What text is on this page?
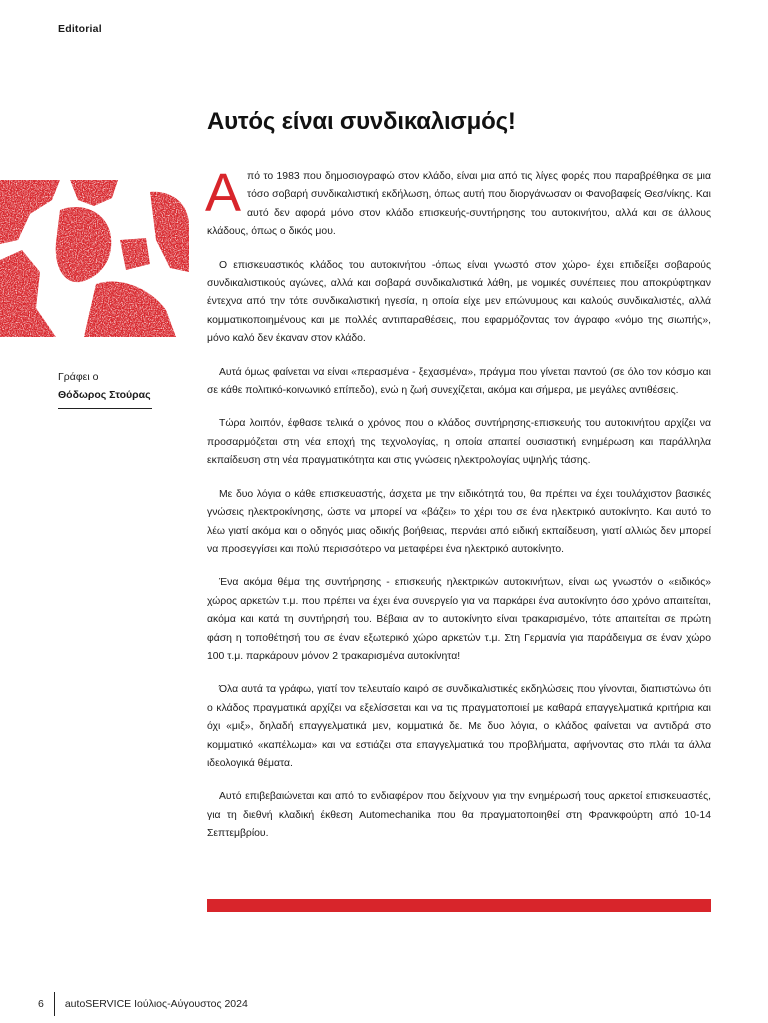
Editorial
Αυτός είναι συνδικαλισμός!
Γράφει ο
Θόδωρος Στούρας

Από το 1983 που δημοσιογραφώ στον κλάδο, είναι μια από τις λίγες φορές που παραβρέθηκα σε μια τόσο σοβαρή συνδικαλιστική εκδήλωση, όπως αυτή που διοργάνωσαν οι Φανοβαφείς Θεσ/νίκης. Και αυτό δεν αφορά μόνο στον κλάδο επισκευής-συντήρησης του αυτοκινήτου, αλλά και σε άλλους κλάδους, όπως ο δικός μου.

Ο επισκευαστικός κλάδος του αυτοκινήτου -όπως είναι γνωστό στον χώρο- έχει επιδείξει σοβαρούς συνδικαλιστικούς αγώνες, αλλά και σοβαρά συνδικαλιστικά λάθη, με νομικές συνέπειες που αποκρύφτηκαν έντεχνα από την τότε συνδικαλιστική ηγεσία, η οποία είχε μεν επώνυμους και καλούς συνδικαλιστές, αλλά κομματικοποιημένους και με πολλές αντιπαραθέσεις, που εφαρμόζοντας τον άγραφο «νόμο της σιωπής», μόνο καλό δεν έκαναν στον κλάδο.

Αυτά όμως φαίνεται να είναι «περασμένα - ξεχασμένα», πράγμα που γίνεται παντού (σε όλο τον κόσμο και σε κάθε πολιτικό-κοινωνικό επίπεδο), ενώ η ζωή συνεχίζεται, ακόμα και σήμερα, με μεγάλες αντιθέσεις.

Τώρα λοιπόν, έφθασε τελικά ο χρόνος που ο κλάδος συντήρησης-επισκευής του αυτοκινήτου αρχίζει να προσαρμόζεται στη νέα εποχή της τεχνολογίας, η οποία απαιτεί ουσιαστική ενημέρωση και παράλληλα εκπαίδευση στη νέα πραγματικότητα και στις γνώσεις ηλεκτρολογίας υψηλής τάσης.

Με δυο λόγια ο κάθε επισκευαστής, άσχετα με την ειδικότητά του, θα πρέπει να έχει τουλάχιστον βασικές γνώσεις ηλεκτροκίνησης, ώστε να μπορεί να «βάζει» το χέρι του σε ένα ηλεκτρικό αυτοκίνητο. Και αυτό το λέω γιατί ακόμα και ο οδηγός μιας οδικής βοήθειας, περνάει από ειδική εκπαίδευση, γιατί αλλιώς δεν μπορεί να προσεγγίσει και πολύ περισσότερο να μεταφέρει ένα ηλεκτρικό αυτοκίνητο.

Ένα ακόμα θέμα της συντήρησης - επισκευής ηλεκτρικών αυτοκινήτων, είναι ως γνωστόν ο «ειδικός» χώρος αρκετών τ.μ. που πρέπει να έχει ένα συνεργείο για να παρκάρει ένα αυτοκίνητο όσο χρόνο απαιτείται, ακόμα και κατά τη συντήρησή του. Βέβαια αν το αυτοκίνητο είναι τρακαρισμένο, τότε απαιτείται σε πρώτη φάση η τοποθέτησή του σε έναν εξωτερικό χώρο αρκετών τ.μ. Στη Γερμανία για παράδειγμα σε έναν χώρο 100 τ.μ. παρκάρουν μόνον 2 τρακαρισμένα αυτοκίνητα!

Όλα αυτά τα γράφω, γιατί τον τελευταίο καιρό σε συνδικαλιστικές εκδηλώσεις που γίνονται, διαπιστώνω ότι ο κλάδος πραγματικά αρχίζει να εξελίσσεται και να τις πραγματοποιεί με καθαρά επαγγελματικά κριτήρια και όχι «μιξ», δηλαδή επαγγελματικά μεν, κομματικά δε. Με δυο λόγια, ο κλάδος φαίνεται να αντιδρά στο κομματικό «καπέλωμα» και να εστιάζει στα επαγγελματικά του προβλήματα, αφήνοντας στο πλάι τα άλλα ιδεολογικά θέματα.

Αυτό επιβεβαιώνεται και από το ενδιαφέρον που δείχνουν για την ενημέρωσή τους αρκετοί επισκευαστές, για τη διεθνή κλαδική έκθεση Automechanika που θα πραγματοποιηθεί στη Φρανκφούρτη από 10-14 Σεπτεμβρίου.

6 autoSERVICE Ιούλιος-Αύγουστος 2024
